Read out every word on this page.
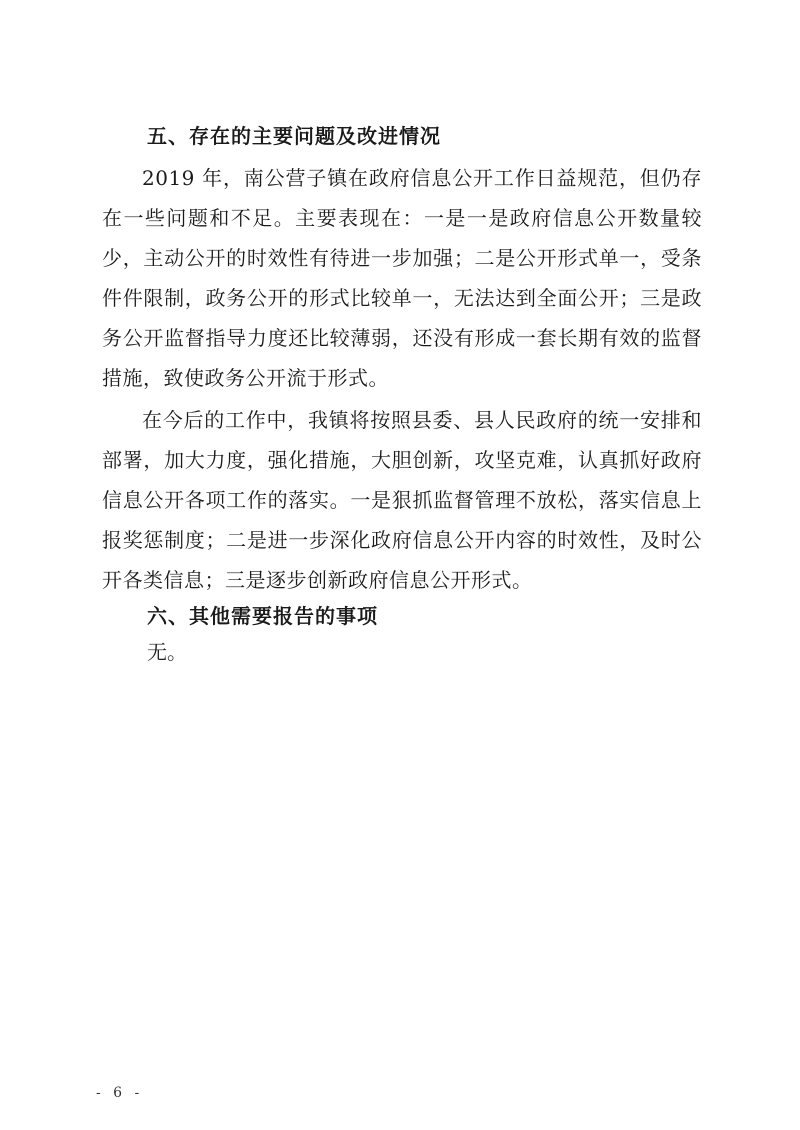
五、存在的主要问题及改进情况
2019 年，南公营子镇在政府信息公开工作日益规范，但仍存在一些问题和不足。主要表现在：一是一是政府信息公开数量较少，主动公开的时效性有待进一步加强；二是公开形式单一，受条件件限制，政务公开的形式比较单一，无法达到全面公开；三是政务公开监督指导力度还比较薄弱，还没有形成一套长期有效的监督措施，致使政务公开流于形式。
在今后的工作中，我镇将按照县委、县人民政府的统一安排和部署，加大力度，强化措施，大胆创新，攻坚克难，认真抓好政府信息公开各项工作的落实。一是狠抓监督管理不放松，落实信息上报奖惩制度；二是进一步深化政府信息公开内容的时效性，及时公开各类信息；三是逐步创新政府信息公开形式。
六、其他需要报告的事项
无。
- 6 -
